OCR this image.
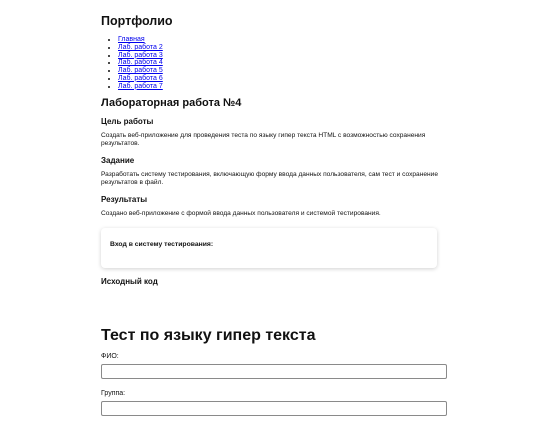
Портфолио
• Главная
• Лаб. работа 2
• Лаб. работа 3
• Лаб. работа 4
• Лаб. работа 5
• Лаб. работа 6
• Лаб. работа 7
Лабораторная работа №4
Цель работы

Создать веб-приложение для проведения теста по языку гипер текста HTML с возможностью сохранения результатов.

Задание

Разработать систему тестирования, включающую форму ввода данных пользователя, сам тест и сохранение результатов в файл.

Результаты

Создано веб-приложение с формой ввода данных пользователя и системой тестирования.

Вход в систему тестирования:
Исходный код
Тест по языку гипер текста
ФИО:
Группа:
